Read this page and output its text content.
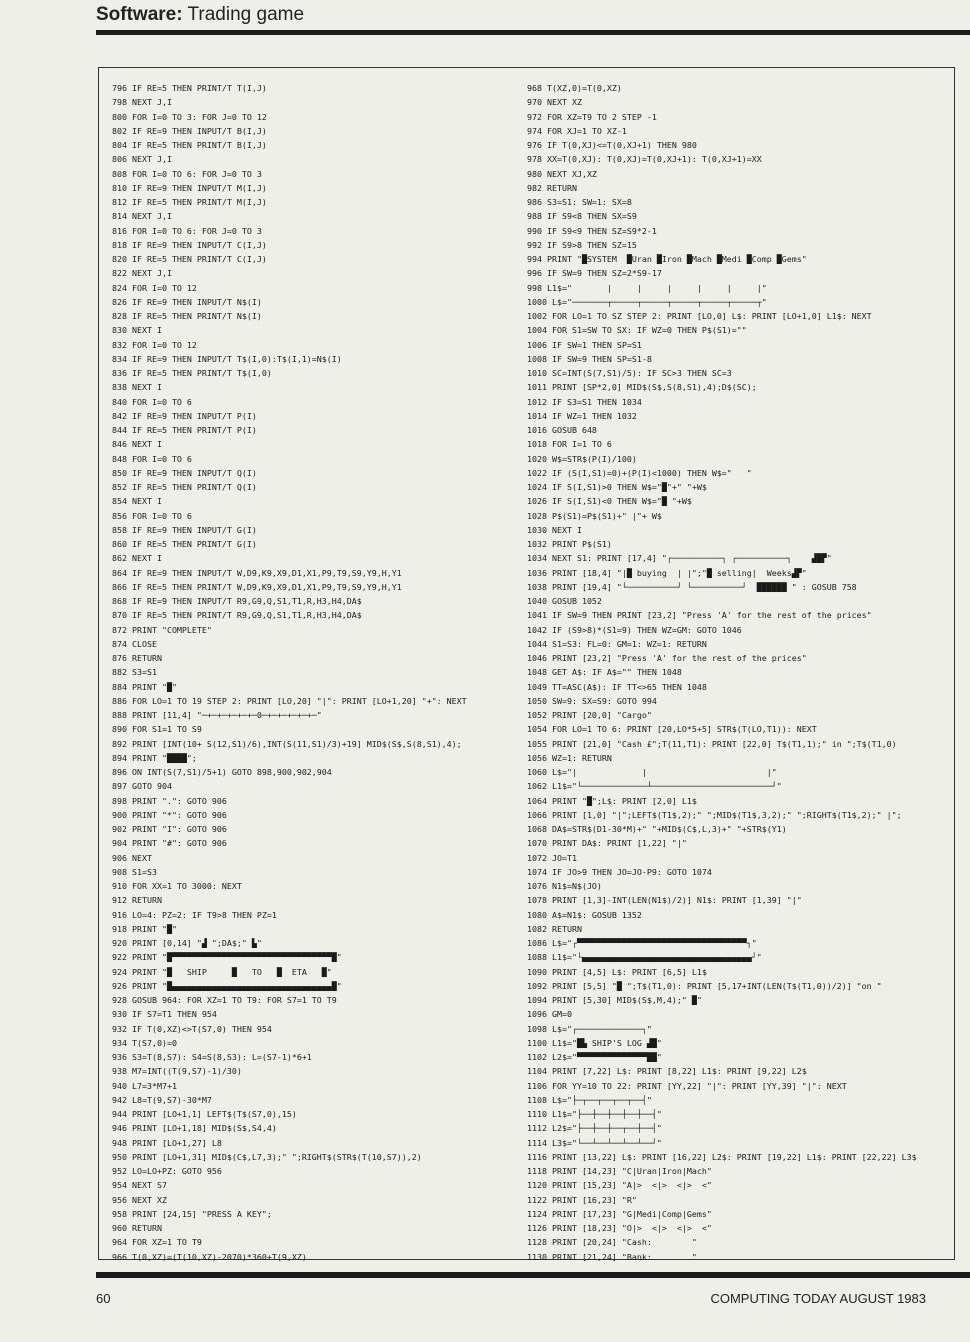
Software: Trading game
796 IF RE=5 THEN PRINT/T T(I,J)
798 NEXT J,I
800 FOR I=0 TO 3: FOR J=0 TO 12
802 IF RE=9 THEN INPUT/T B(I,J)
804 IF RE=5 THEN PRINT/T B(I,J)
806 NEXT J,I
808 FOR I=0 TO 6: FOR J=0 TO 3
810 IF RE=9 THEN INPUT/T M(I,J)
812 IF RE=5 THEN PRINT/T M(I,J)
814 NEXT J,I
816 FOR I=0 TO 6: FOR J=0 TO 3
818 IF RE=9 THEN INPUT/T C(I,J)
820 IF RE=5 THEN PRINT/T C(I,J)
822 NEXT J,I
824 FOR I=0 TO 12
826 IF RE=9 THEN INPUT/T N$(I)
828 IF RE=5 THEN PRINT/T N$(I)
830 NEXT I
832 FOR I=0 TO 12
834 IF RE=9 THEN INPUT/T T$(I,0):T$(I,1)=N$(I)
836 IF RE=5 THEN PRINT/T T$(I,0)
838 NEXT I
840 FOR I=0 TO 6
842 IF RE=9 THEN INPUT/T P(I)
844 IF RE=5 THEN PRINT/T P(I)
846 NEXT I
848 FOR I=0 TO 6
850 IF RE=9 THEN INPUT/T Q(I)
852 IF RE=5 THEN PRINT/T Q(I)
854 NEXT I
856 FOR I=0 TO 6
858 IF RE=9 THEN INPUT/T G(I)
860 IF RE=5 THEN PRINT/T G(I)
862 NEXT I
864 IF RE=9 THEN INPUT/T W,D9,K9,X9,D1,X1,P9,T9,S9,Y9,H,Y1
866 IF RE=5 THEN PRINT/T W,D9,K9,X9,D1,X1,P9,T9,S9,Y9,H,Y1
868 IF RE=9 THEN INPUT/T R9,G9,Q,S1,T1,R,H3,H4,DA$
870 IF RE=5 THEN PRINT/T R9,G9,Q,S1,T1,R,H3,H4,DA$
872 PRINT "COMPLETE"
874 CLOSE
876 RETURN
882 S3=S1
884 PRINT "█"
886 FOR LO=1 TO 19 STEP 2: PRINT [LO,20] "|": PRINT [LO+1,20] "+": NEXT
888 PRINT [11,4] "─+─+─+─+─+─0─+─+─+─+─+─"
890 FOR S1=1 TO S9
892 PRINT [INT(10+ S(12,S1)/6),INT(S(11,S1)/3)+19] MID$(S$,S(8,S1),4);
894 PRINT "████";
896 ON INT(S(7,S1)/5+1) GOTO 898,900,902,904
897 GOTO 904
898 PRINT ".": GOTO 906
900 PRINT "*": GOTO 906
902 PRINT "I": GOTO 906
904 PRINT "#": GOTO 906
906 NEXT
908 S1=S3
910 FOR XX=1 TO 3000: NEXT
912 RETURN
916 LO=4: PZ=2: IF T9>8 THEN PZ=1
918 PRINT "█"
920 PRINT [0,14] "▟ ";DA$;" ▙"
922 PRINT "█▀▀▀▀▀▀▀▀▀▀▀▀▀▀▀▀▀▀▀▀▀▀▀▀▀▀▀▀▀▀▀▀█"
924 PRINT "█   SHIP     █   TO   █  ETA   █"
926 PRINT "█▄▄▄▄▄▄▄▄▄▄▄▄▄▄▄▄▄▄▄▄▄▄▄▄▄▄▄▄▄▄▄▄█"
928 GOSUB 964: FOR XZ=1 TO T9: FOR S7=1 TO T9
930 IF S7=T1 THEN 954
932 IF T(0,XZ)<>T(S7,0) THEN 954
934 T(S7,0)=0
936 S3=T(8,S7): S4=S(8,S3): L=(S7-1)*6+1
938 M7=INT((T(9,S7)-1)/30)
940 L7=3*M7+1
942 L8=T(9,S7)-30*M7
944 PRINT [LO+1,1] LEFT$(T$(S7,0),15)
946 PRINT [LO+1,18] MID$(S$,S4,4)
948 PRINT [LO+1,27] L8
950 PRINT [LO+1,31] MID$(C$,L7,3);" ";RIGHT$(STR$(T(10,S7)),2)
952 LO=LO+PZ: GOTO 956
954 NEXT S7
956 NEXT XZ
958 PRINT [24,15] "PRESS A KEY";
960 RETURN
964 FOR XZ=1 TO T9
966 T(0,XZ)=(T(10,XZ)-2070)*360+T(9,XZ)
968 T(XZ,0)=T(0,XZ)
970 NEXT XZ
972 FOR XZ=T9 TO 2 STEP -1
974 FOR XJ=1 TO XZ-1
976 IF T(0,XJ)<=T(0,XJ+1) THEN 980
978 XX=T(0,XJ): T(0,XJ)=T(0,XJ+1): T(0,XJ+1)=XX
980 NEXT XJ,XZ
982 RETURN
986 S3=S1: SW=1: SX=8
988 IF S9<8 THEN SX=S9
990 IF S9<9 THEN SZ=S9*2-1
992 IF S9>8 THEN SZ=15
994 PRINT "█SYSTEM  █Uran █Iron █Mach █Medi █Comp █Gems"
996 IF SW=9 THEN SZ=2*S9-17
998 L1$="       |     |     |     |     |     |"
1000 L$="───────┬─────┬─────┬─────┬─────┬─────┬"
1002 FOR LO=1 TO SZ STEP 2: PRINT [LO,0] L$: PRINT [LO+1,0] L1$: NEXT
1004 FOR S1=SW TO SX: IF WZ=0 THEN P$(S1)=""
1006 IF SW=1 THEN SP=S1
1008 IF SW=9 THEN SP=S1-8
1010 SC=INT(S(7,S1)/5): IF SC>3 THEN SC=3
1011 PRINT [SP*2,0] MID$(S$,S(8,S1),4);D$(SC);
1012 IF S3=S1 THEN 1034
1014 IF WZ=1 THEN 1032
1016 GOSUB 648
1018 FOR I=1 TO 6
1020 W$=STR$(P(I)/100)
1022 IF (S(I,S1)=0)+(P(I)<1000) THEN W$="   "
1024 IF S(I,S1)>0 THEN W$="█"+" "+W$
1026 IF S(I,S1)<0 THEN W$="█ "+W$
1028 P$(S1)=P$(S1)+" |"+ W$
1030 NEXT I
1032 PRINT P$(S1)
1034 NEXT S1: PRINT [17,4] "┌──────────┐ ┌──────────┐    ▟█▛"
1036 PRINT [18,4] "|█ buying  | |";"█ selling|  Weeks▟▛"
1038 PRINT [19,4] "└──────────┘ └──────────┘  ██████ " : GOSUB 758
1040 GOSUB 1052
1041 IF SW=9 THEN PRINT [23,2] "Press 'A' for the rest of the prices"
1042 IF (S9>8)*(S1=9) THEN WZ=GM: GOTO 1046
1044 S1=S3: FL=0: GM=1: WZ=1: RETURN
1046 PRINT [23,2] "Press 'A' for the rest of the prices"
1048 GET A$: IF A$="" THEN 1048
1049 TT=ASC(A$): IF TT<>65 THEN 1048
1050 SW=9: SX=S9: GOTO 994
1052 PRINT [20,0] "Cargo"
1054 FOR LO=1 TO 6: PRINT [20,LO*5+5] STR$(T(LO,T1)): NEXT
1055 PRINT [21,0] "Cash £";T(11,T1): PRINT [22,0] T$(T1,1);" in ";T$(T1,0)
1056 WZ=1: RETURN
1060 L$="|             |                        |"
1062 L1$="└─────────────┴────────────────────────┘"
1064 PRINT "█";L$: PRINT [2,0] L1$
1066 PRINT [1,0] "|";LEFT$(T1$,2);" ";MID$(T1$,3,2);" ";RIGHT$(T1$,2);" |";
1068 DA$=STR$(D1-30*M)+" "+MID$(C$,L,3)+" "+STR$(Y1)
1070 PRINT DA$: PRINT [1,22] "|"
1072 JO=T1
1074 IF JO>9 THEN JO=JO-P9: GOTO 1074
1076 N1$=N$(JO)
1078 PRINT [1,3]-INT(LEN(N1$)/2)] N1$: PRINT [1,39] "|"
1080 A$=N1$: GOSUB 1352
1082 RETURN
1086 L$="┌▀▀▀▀▀▀▀▀▀▀▀▀▀▀▀▀▀▀▀▀▀▀▀▀▀▀▀▀▀▀▀▀▀▀┐"
1088 L1$="└▄▄▄▄▄▄▄▄▄▄▄▄▄▄▄▄▄▄▄▄▄▄▄▄▄▄▄▄▄▄▄▄▄▄┘"
1090 PRINT [4,5] L$: PRINT [6,5] L1$
1092 PRINT [5,5] "█ ";T$(T1,0): PRINT [5,17+INT(LEN(T$(T1,0))/2)] "on "
1094 PRINT [5,30] MID$(S$,M,4);" █"
1096 GM=0
1098 L$="┌─────────────┐"
1100 L1$="█▙ SHIP'S LOG ▟█"
1102 L2$="▀▀▀▀▀▀▀▀▀▀▀▀▀▀██"
1104 PRINT [7,22] L$: PRINT [8,22] L1$: PRINT [9,22] L2$
1106 FOR YY=10 TO 22: PRINT [YY,22] "|": PRINT [YY,39] "|": NEXT
1108 L$="├─┬──┬──┬──┬──┤"
1110 L1$="├──┼──┼──┼──┼──┤"
1112 L2$="├──┼──┼──┬──┼──┤"
1114 L3$="└──┴──┴──┴──┴──┘"
1116 PRINT [13,22] L$: PRINT [16,22] L2$: PRINT [19,22] L1$: PRINT [22,22] L3$
1118 PRINT [14,23] "C|Uran|Iron|Mach"
1120 PRINT [15,23] "A|>  <|>  <|>  <"
1122 PRINT [16,23] "R"
1124 PRINT [17,23] "G|Medi|Comp|Gems"
1126 PRINT [18,23] "O|>  <|>  <|>  <"
1128 PRINT [20,24] "Cash:        "
1130 PRINT [21,24] "Bank:        "
60	COMPUTING TODAY AUGUST 1983
